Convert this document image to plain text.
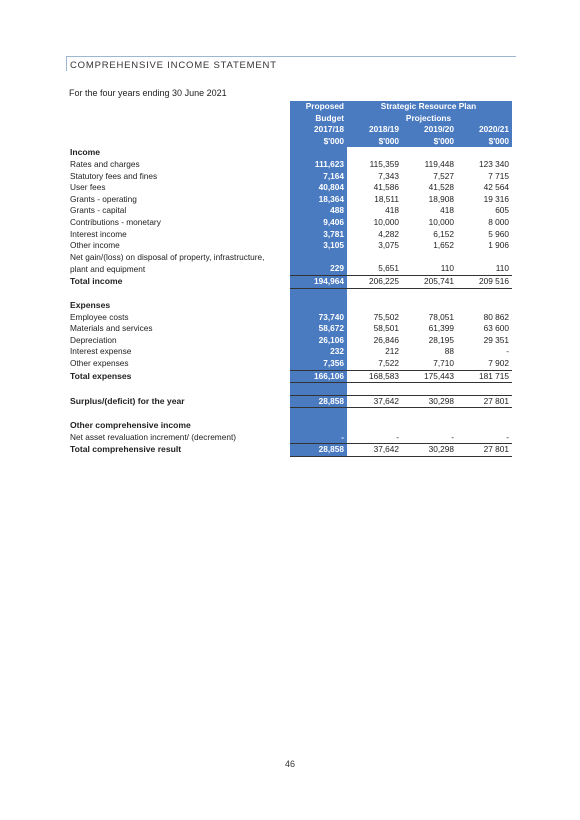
COMPREHENSIVE INCOME STATEMENT
For the four years ending 30 June 2021
	Proposed	Strategic Resource Plan		
	Budget	Projections		
	2017/18	2018/19	2019/20	2020/21
	$'000	$'000	$'000	$'000
Income				
Rates and charges	111,623	115,359	119,448	123 340
Statutory fees and fines	7,164	7,343	7,527	7 715
User fees	40,804	41,586	41,528	42 564
Grants - operating	18,364	18,511	18,908	19 316
Grants - capital	488	418	418	605
Contributions - monetary	9,406	10,000	10,000	8 000
Interest income	3,781	4,282	6,152	5 960
Other income	3,105	3,075	1,652	1 906
Net gain/(loss) on disposal of property, infrastructure,				
plant and equipment	229	5,651	110	110
Total income	194,964	206,225	205,741	209 516

Expenses				
Employee costs	73,740	75,502	78,051	80 862
Materials and services	58,672	58,501	61,399	63 600
Depreciation	26,106	26,846	28,195	29 351
Interest expense	232	212	88	-
Other expenses	7,356	7,522	7,710	7 902
Total expenses	166,106	168,583	175,443	181 715

Surplus/(deficit) for the year	28,858	37,642	30,298	27 801

Other comprehensive income				
Net asset revaluation increment/ (decrement)	-	-	-	-
Total comprehensive result	28,858	37,642	30,298	27 801
46
